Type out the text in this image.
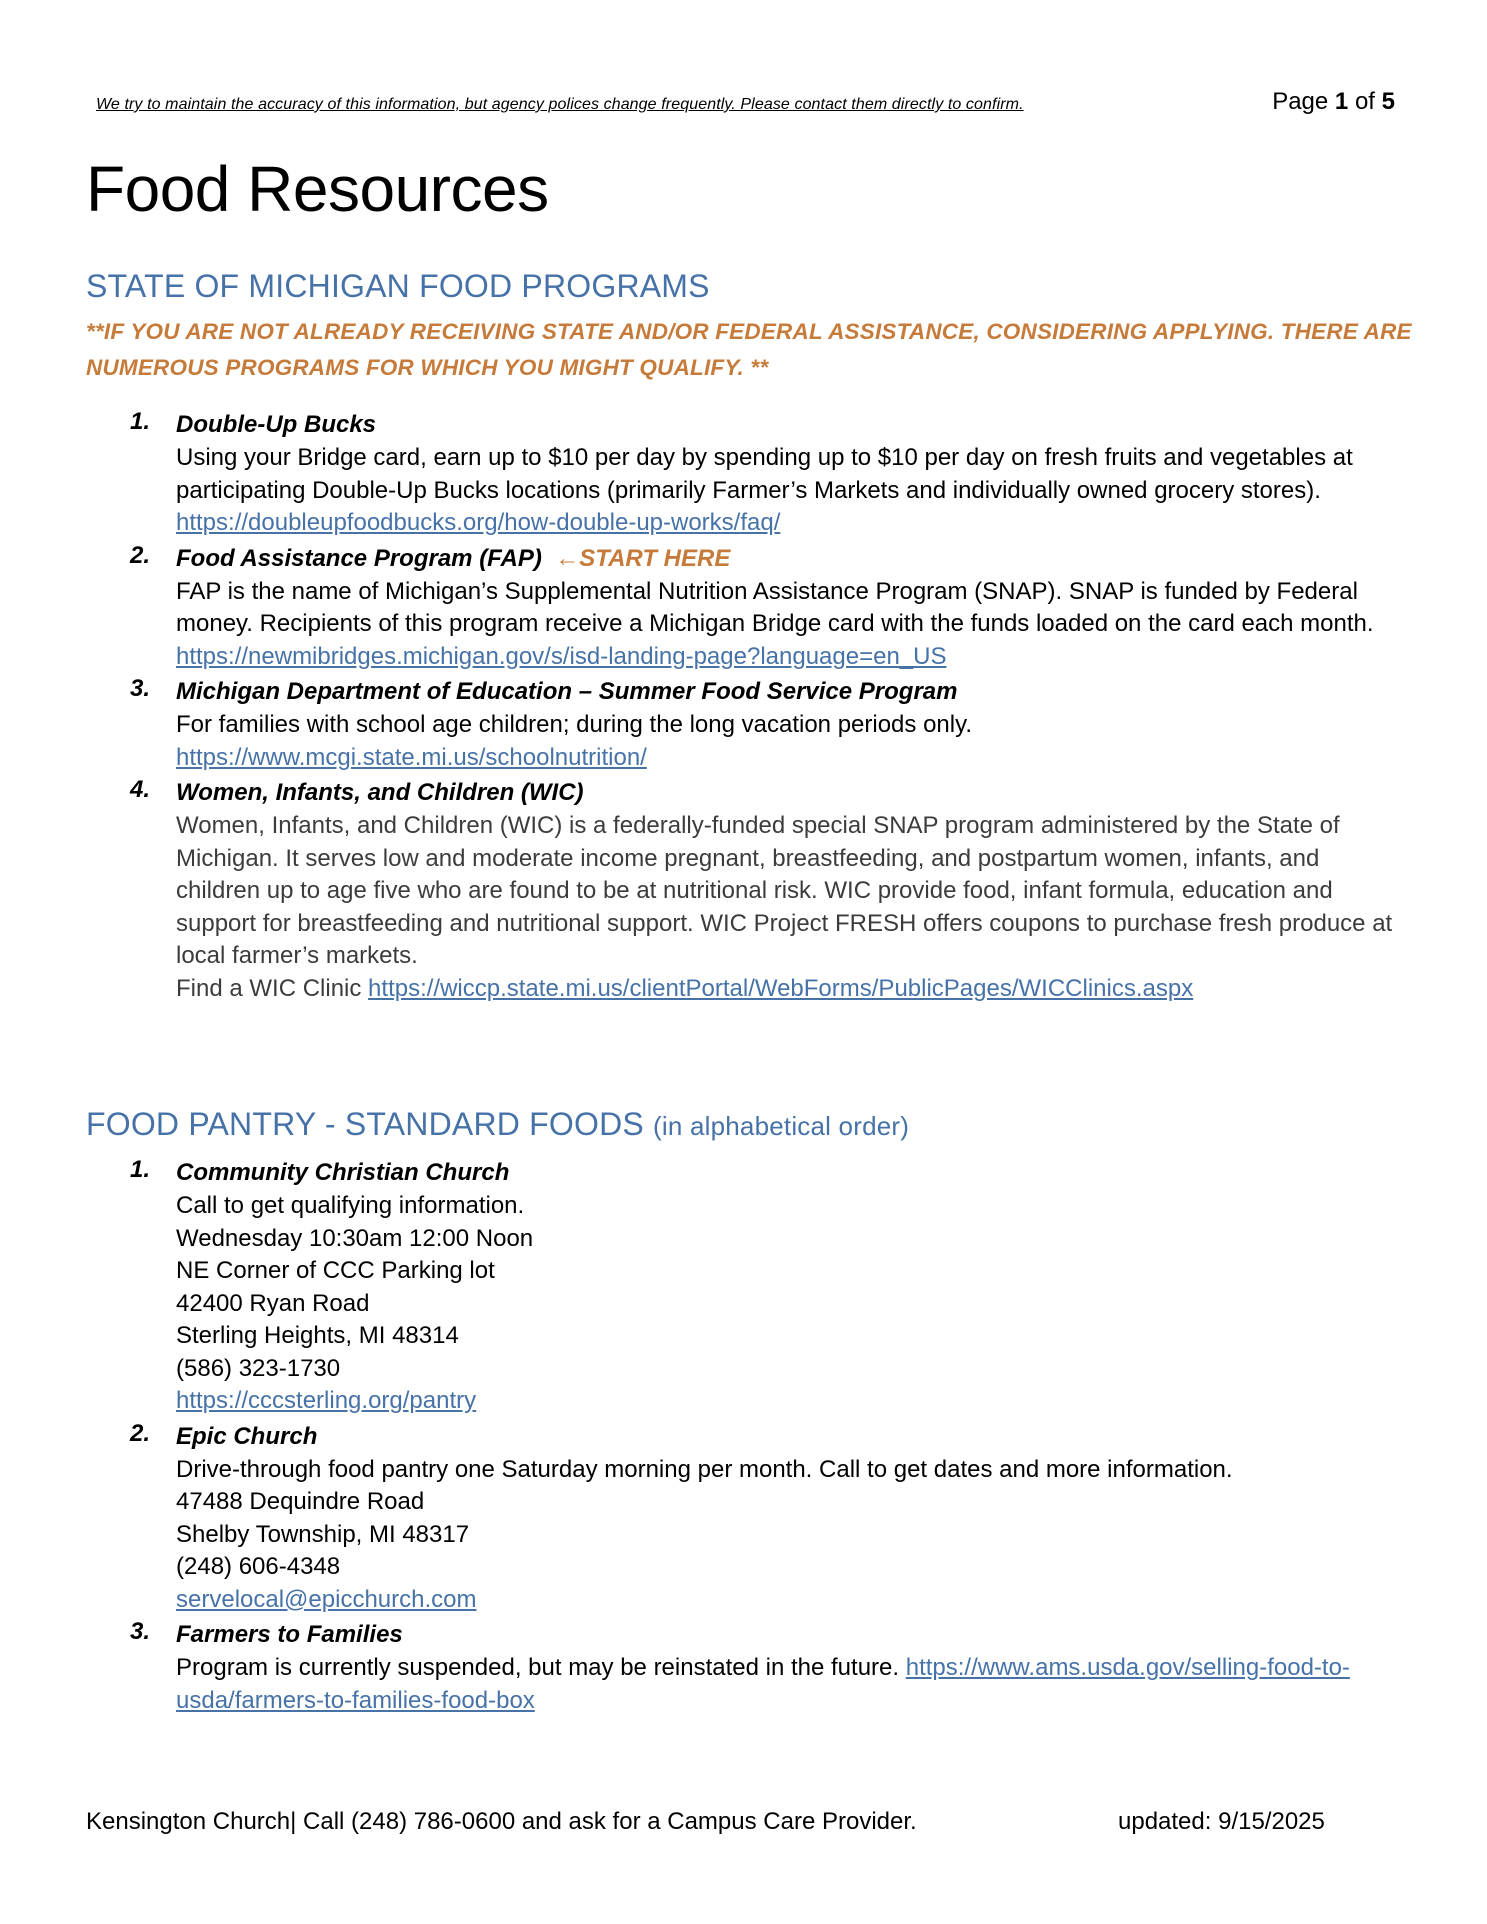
We try to maintain the accuracy of this information, but agency polices change frequently. Please contact them directly to confirm.	Page 1 of 5
Food Resources
STATE OF MICHIGAN FOOD PROGRAMS
**IF YOU ARE NOT ALREADY RECEIVING STATE AND/OR FEDERAL ASSISTANCE, CONSIDERING APPLYING. THERE ARE NUMEROUS PROGRAMS FOR WHICH YOU MIGHT QUALIFY. **
1. Double-Up Bucks
Using your Bridge card, earn up to $10 per day by spending up to $10 per day on fresh fruits and vegetables at participating Double-Up Bucks locations (primarily Farmer’s Markets and individually owned grocery stores).
https://doubleupfoodbucks.org/how-double-up-works/faq/
2. Food Assistance Program (FAP)  ←START HERE
FAP is the name of Michigan’s Supplemental Nutrition Assistance Program (SNAP). SNAP is funded by Federal money. Recipients of this program receive a Michigan Bridge card with the funds loaded on the card each month.
https://newmibridges.michigan.gov/s/isd-landing-page?language=en_US
3. Michigan Department of Education – Summer Food Service Program
For families with school age children; during the long vacation periods only.
https://www.mcgi.state.mi.us/schoolnutrition/
4. Women, Infants, and Children (WIC)
Women, Infants, and Children (WIC) is a federally-funded special SNAP program administered by the State of Michigan. It serves low and moderate income pregnant, breastfeeding, and postpartum women, infants, and children up to age five who are found to be at nutritional risk. WIC provide food, infant formula, education and support for breastfeeding and nutritional support. WIC Project FRESH offers coupons to purchase fresh produce at local farmer’s markets.
Find a WIC Clinic https://wiccp.state.mi.us/clientPortal/WebForms/PublicPages/WICClinics.aspx
FOOD PANTRY - STANDARD FOODS (in alphabetical order)
1. Community Christian Church
Call to get qualifying information.
Wednesday 10:30am 12:00 Noon
NE Corner of CCC Parking lot
42400 Ryan Road
Sterling Heights, MI 48314
(586) 323-1730
https://cccsterling.org/pantry
2. Epic Church
Drive-through food pantry one Saturday morning per month. Call to get dates and more information.
47488 Dequindre Road
Shelby Township, MI 48317
(248) 606-4348
servelocal@epicchurch.com
3. Farmers to Families
Program is currently suspended, but may be reinstated in the future. https://www.ams.usda.gov/selling-food-to-usda/farmers-to-families-food-box
Kensington Church| Call (248) 786-0600 and ask for a Campus Care Provider.	updated: 9/15/2025
